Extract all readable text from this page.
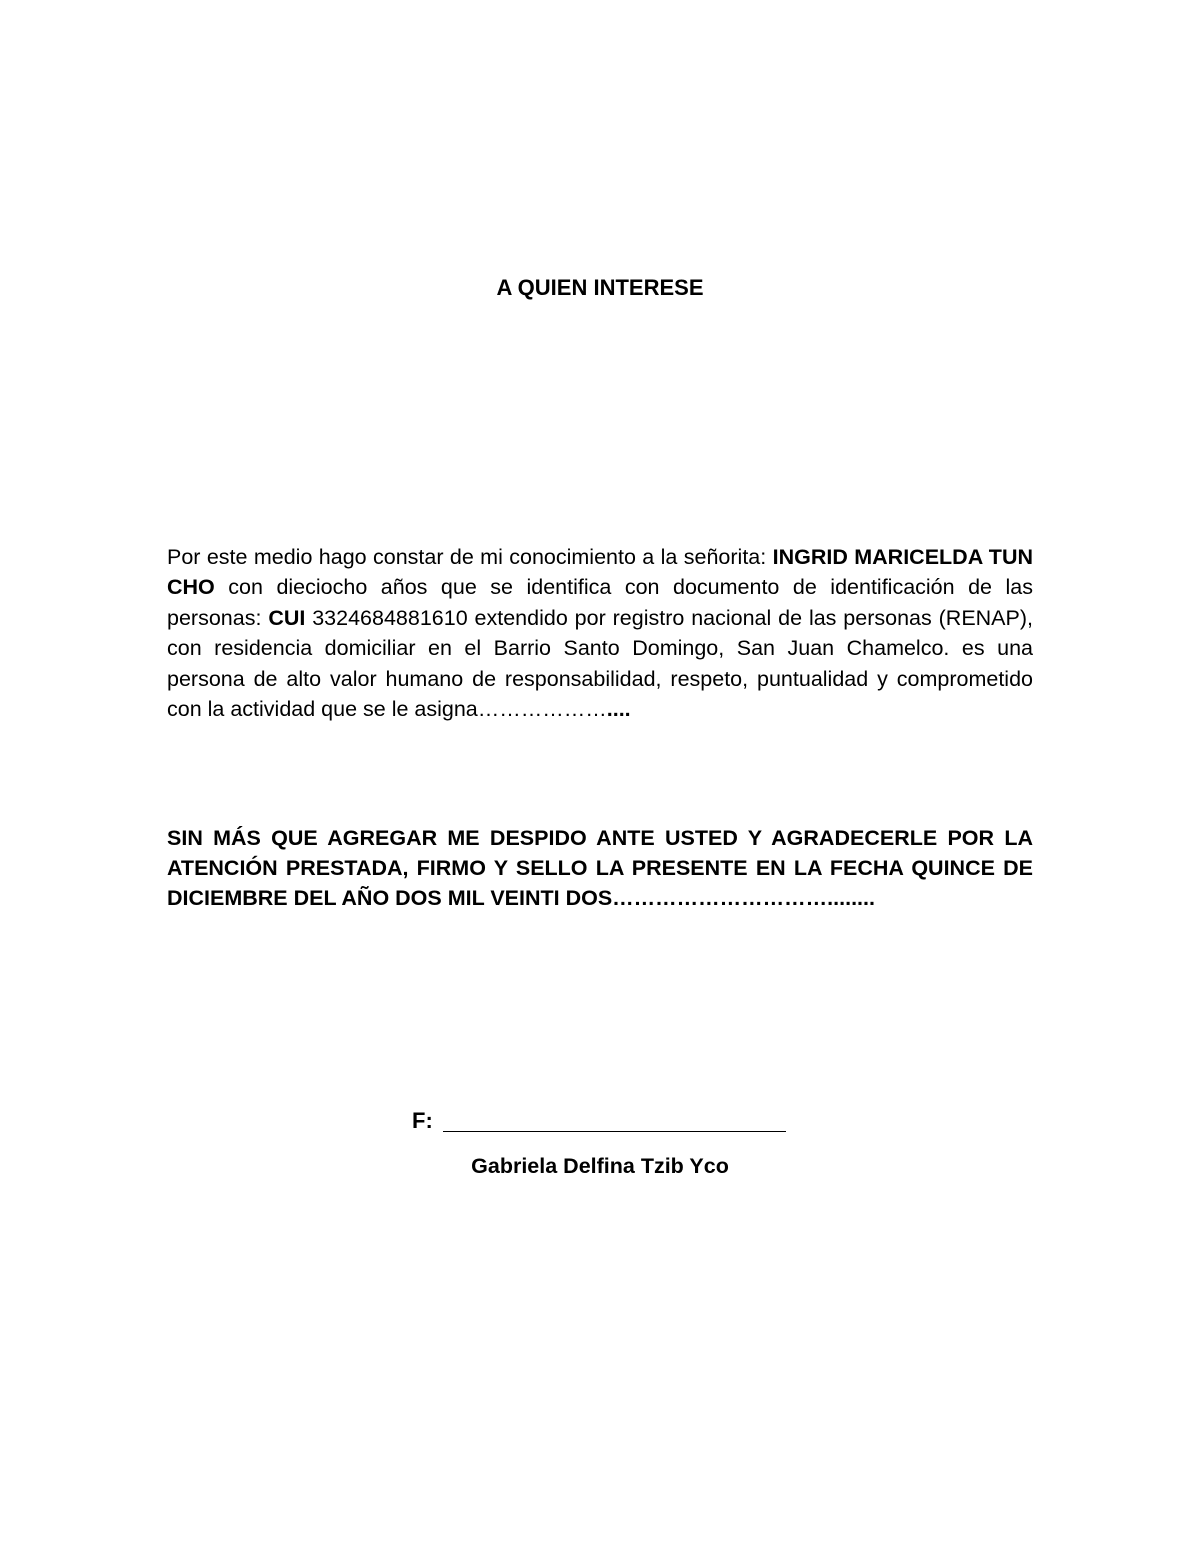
A QUIEN INTERESE
Por este medio hago constar de mi conocimiento a la señorita: INGRID MARICELDA TUN CHO con dieciocho años que se identifica con documento de identificación de las personas: CUI 3324684881610 extendido por registro nacional de las personas (RENAP), con residencia domiciliar en el Barrio Santo Domingo, San Juan Chamelco. es una persona de alto valor humano de responsabilidad, respeto, puntualidad y comprometido con la actividad que se le asigna………………....
SIN MÁS QUE AGREGAR ME DESPIDO ANTE USTED Y AGRADECERLE POR LA ATENCIÓN PRESTADA, FIRMO Y SELLO LA PRESENTE EN LA FECHA QUINCE DE DICIEMBRE DEL AÑO DOS MIL VEINTI DOS…………………………........
F:
Gabriela Delfina Tzib Yco
